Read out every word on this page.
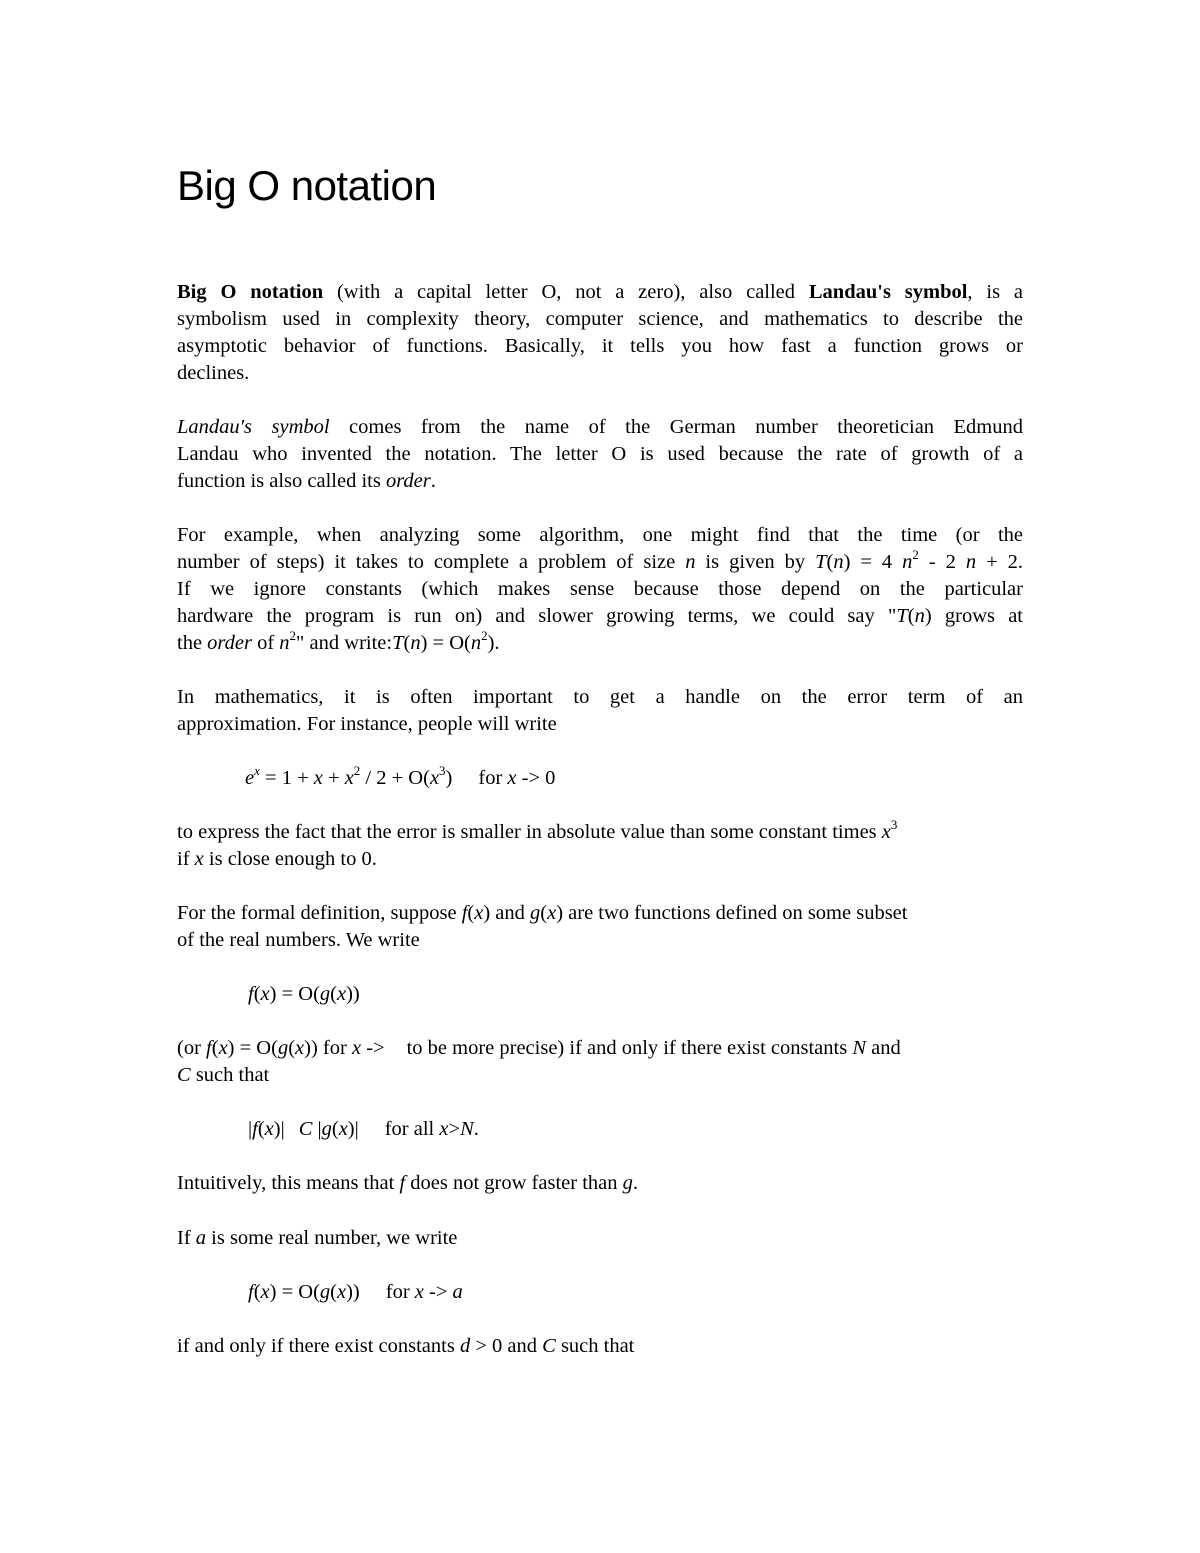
Big O notation
Big O notation (with a capital letter O, not a zero), also called Landau's symbol, is a
symbolism used in complexity theory, computer science, and mathematics to describe the
asymptotic behavior of functions. Basically, it tells you how fast a function grows or
declines.
Landau's symbol comes from the name of the German number theoretician Edmund
Landau who invented the notation. The letter O is used because the rate of growth of a
function is also called its order.
For example, when analyzing some algorithm, one might find that the time (or the
number of steps) it takes to complete a problem of size n is given by T(n) = 4 $n^2 - 2$ n + 2.
If we ignore constants (which makes sense because those depend on the particular
hardware the program is run on) and slower growing terms, we could say "T(n) grows at
the order of $n^2$" and write:T(n) = $O(n^2)$.
In mathematics, it is often important to get a handle on the error term of an
approximation. For instance, people will write
$e^x = 1 + x + x^2 / 2 + O(x^3)$ for x -> 0
to express the fact that the error is smaller in absolute value than some constant times $x^3$
if x is close enough to 0.
For the formal definition, suppose f(x) and g(x) are two functions defined on some subset
of the real numbers. We write
f(x) = O(g(x))
(or f(x) = O(g(x)) for x -> to be more precise) if and only if there exist constants N and
C such that
|f(x)| C |g(x)| for all x>N.
Intuitively, this means that f does not grow faster than g.
If a is some real number, we write
f(x) = O(g(x)) for x -> a
if and only if there exist constants d > 0 and C such that
